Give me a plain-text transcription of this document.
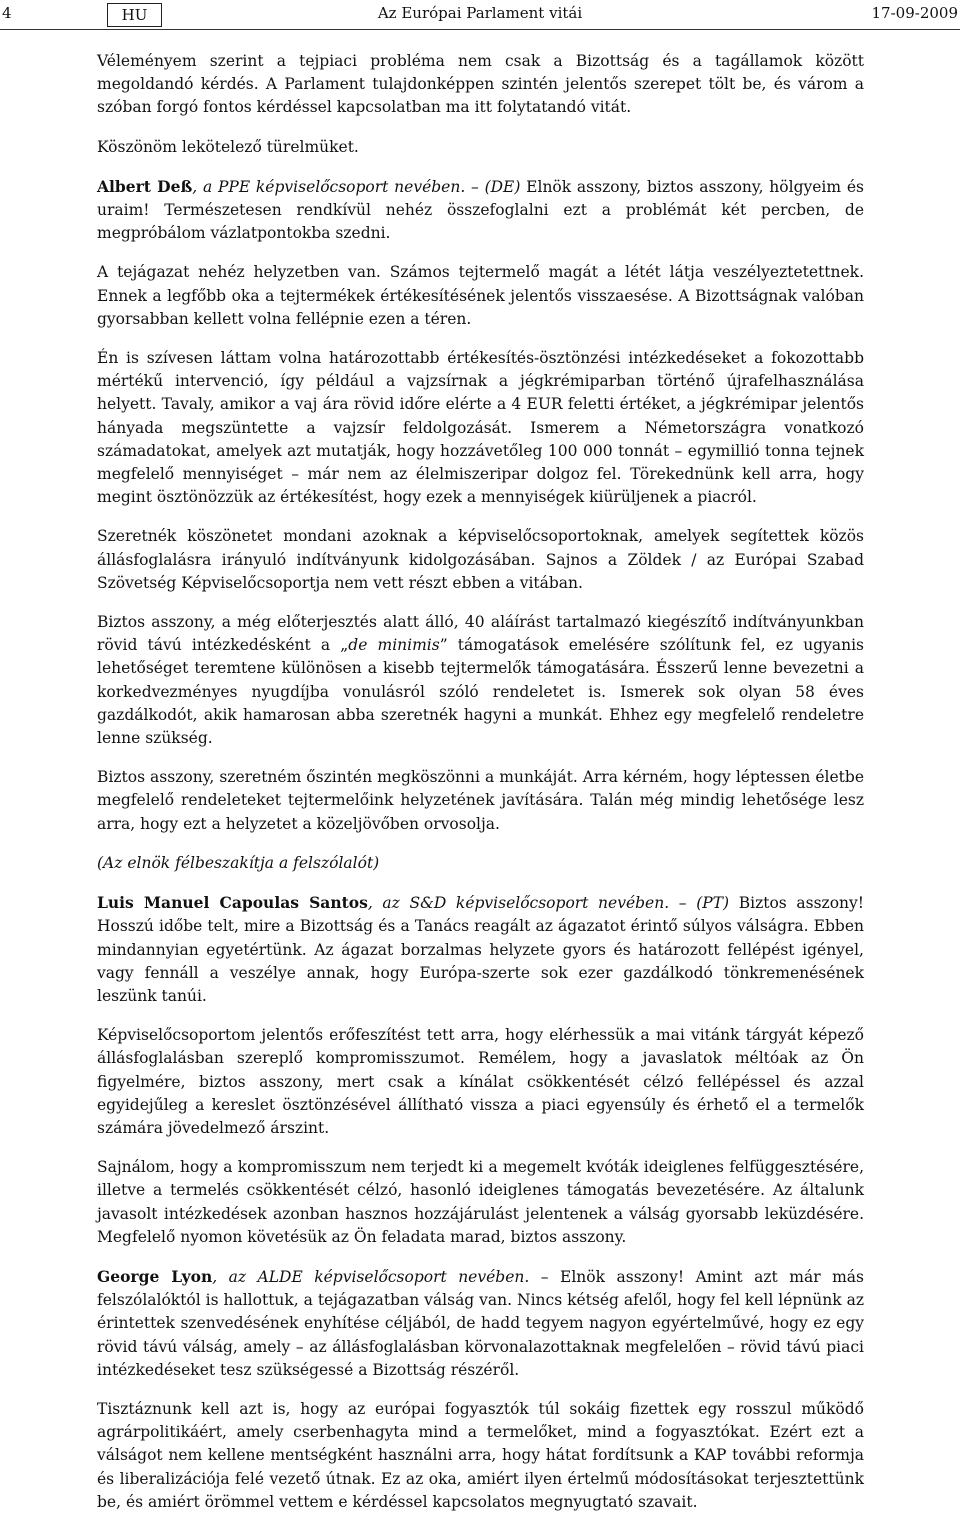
4	HU	Az Európai Parlament vitái	17-09-2009

Véleményem szerint a tejpiaci probléma nem csak a Bizottság és a tagállamok között megoldandó kérdés. A Parlament tulajdonképpen szintén jelentős szerepet tölt be, és várom a szóban forgó fontos kérdéssel kapcsolatban ma itt folytatandó vitát.

Köszönöm lekötelező türelmüket.

Albert Deß, a PPE képviselőcsoport nevében. – (DE) Elnök asszony, biztos asszony, hölgyeim és uraim! Természetesen rendkívül nehéz összefoglalni ezt a problémát két percben, de megpróbálom vázlatpontokba szedni.

A tejágazat nehéz helyzetben van. Számos tejtermelő magát a létét látja veszélyeztetettnek. Ennek a legfőbb oka a tejtermékek értékesítésének jelentős visszaesése. A Bizottságnak valóban gyorsabban kellett volna fellépnie ezen a téren.

Én is szívesen láttam volna határozottabb értékesítés-ösztönzési intézkedéseket a fokozottabb mértékű intervenció, így például a vajzsírnak a jégkrémiparban történő újrafelhasználása helyett. Tavaly, amikor a vaj ára rövid időre elérte a 4 EUR feletti értéket, a jégkrémipar jelentős hányada megszüntette a vajzsír feldolgozását. Ismerem a Németországra vonatkozó számadatokat, amelyek azt mutatják, hogy hozzávetőleg 100 000 tonnát – egymillió tonna tejnek megfelelő mennyiséget – már nem az élelmiszeripar dolgoz fel. Törekednünk kell arra, hogy megint ösztönözzük az értékesítést, hogy ezek a mennyiségek kiürüljenek a piacról.

Szeretnék köszönetet mondani azoknak a képviselőcsoportoknak, amelyek segítettek közös állásfoglalásra irányuló indítványunk kidolgozásában. Sajnos a Zöldek / az Európai Szabad Szövetség Képviselőcsoportja nem vett részt ebben a vitában.

Biztos asszony, a még előterjesztés alatt álló, 40 aláírást tartalmazó kiegészítő indítványunkban rövid távú intézkedésként a „de minimis” támogatások emelésére szólítunk fel, ez ugyanis lehetőséget teremtene különösen a kisebb tejtermelők támogatására. Ésszerű lenne bevezetni a korkedvezményes nyugdíjba vonulásról szóló rendeletet is. Ismerek sok olyan 58 éves gazdálkodót, akik hamarosan abba szeretnék hagyni a munkát. Ehhez egy megfelelő rendeletre lenne szükség.

Biztos asszony, szeretném őszintén megköszönni a munkáját. Arra kérném, hogy léptessen életbe megfelelő rendeleteket tejtermelőink helyzetének javítására. Talán még mindig lehetősége lesz arra, hogy ezt a helyzetet a közeljövőben orvosolja.

(Az elnök félbeszakítja a felszólalót)

Luis Manuel Capoulas Santos, az S&D képviselőcsoport nevében. – (PT) Biztos asszony! Hosszú időbe telt, mire a Bizottság és a Tanács reagált az ágazatot érintő súlyos válságra. Ebben mindannyian egyetértünk. Az ágazat borzalmas helyzete gyors és határozott fellépést igényel, vagy fennáll a veszélye annak, hogy Európa-szerte sok ezer gazdálkodó tönkremenésének leszünk tanúi.

Képviselőcsoportom jelentős erőfeszítést tett arra, hogy elérhessük a mai vitánk tárgyát képező állásfoglalásban szereplő kompromisszumot. Remélem, hogy a javaslatok méltóak az Ön figyelmére, biztos asszony, mert csak a kínálat csökkentését célzó fellépéssel és azzal egyidejűleg a kereslet ösztönzésével állítható vissza a piaci egyensúly és érhető el a termelők számára jövedelmező árszint.

Sajnálom, hogy a kompromisszum nem terjedt ki a megemelt kvóták ideiglenes felfüggesztésére, illetve a termelés csökkentését célzó, hasonló ideiglenes támogatás bevezetésére. Az általunk javasolt intézkedések azonban hasznos hozzájárulást jelentenek a válság gyorsabb leküzdésére. Megfelelő nyomon követésük az Ön feladata marad, biztos asszony.

George Lyon, az ALDE képviselőcsoport nevében. – Elnök asszony! Amint azt már más felszólalóktól is hallottuk, a tejágazatban válság van. Nincs kétség afelől, hogy fel kell lépnünk az érintettek szenvedésének enyhítése céljából, de hadd tegyem nagyon egyértelművé, hogy ez egy rövid távú válság, amely – az állásfoglalásban körvonalazottaknak megfelelően – rövid távú piaci intézkedéseket tesz szükségessé a Bizottság részéről.

Tisztáznunk kell azt is, hogy az európai fogyasztók túl sokáig fizettek egy rosszul működő agrárpolitikáért, amely cserbenhagyta mind a termelőket, mind a fogyasztókat. Ezért ezt a válságot nem kellene mentségként használni arra, hogy hátat fordítsunk a KAP további reformja és liberalizációja felé vezető útnak. Ez az oka, amiért ilyen értelmű módosításokat terjesztettünk be, és amiért örömmel vettem e kérdéssel kapcsolatos megnyugtató szavait.
